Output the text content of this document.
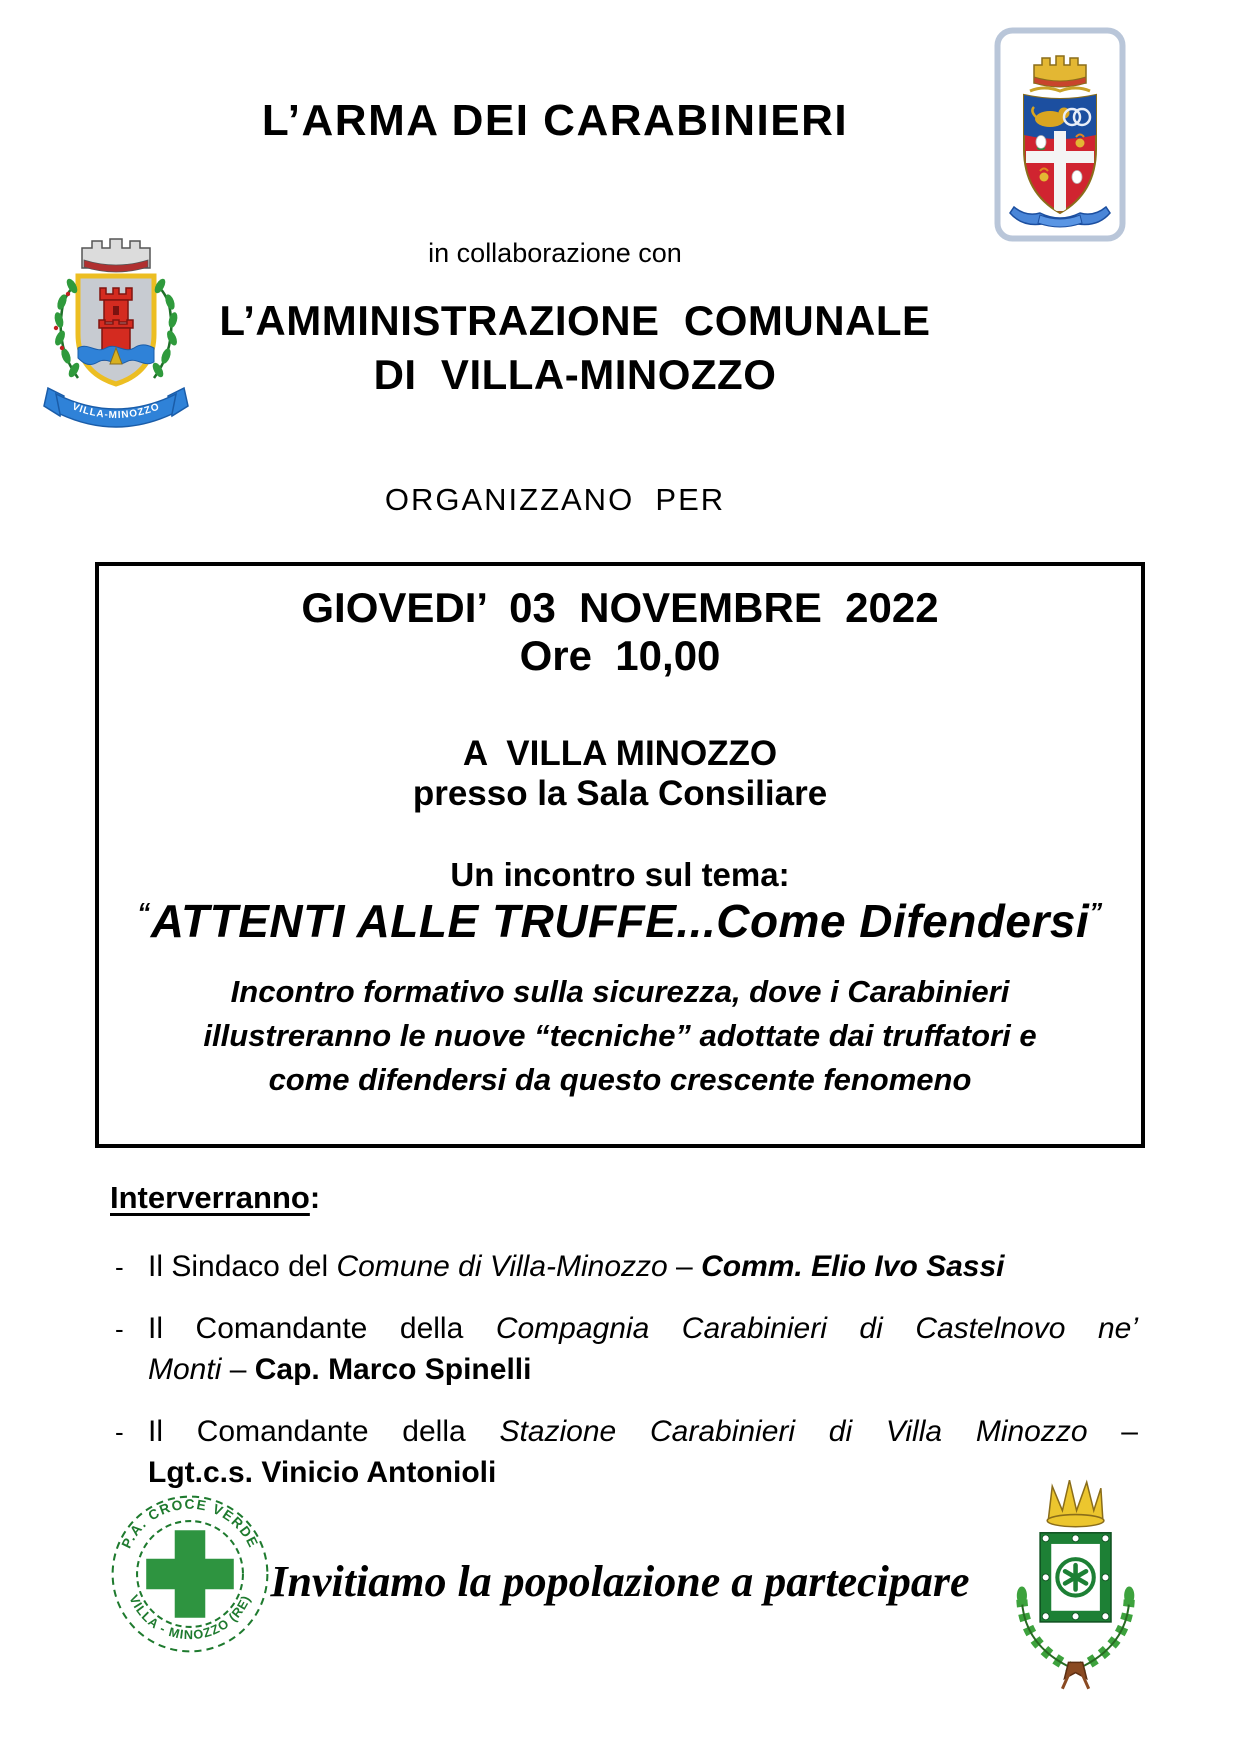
L’ARMA DEI CARABINIERI
in collaborazione con
VILLA-MINOZZO
L’AMMINISTRAZIONE  COMUNALE
DI  VILLA-MINOZZO
ORGANIZZANO  PER
GIOVEDI’  03  NOVEMBRE  2022
Ore  10,00
A  VILLA MINOZZO
presso la Sala Consiliare
Un incontro sul tema:
“ATTENTI ALLE TRUFFE...Come Difendersi”
Incontro formativo sulla sicurezza, dove i Carabinieri
illustreranno le nuove “tecniche” adottate dai truffatori e
come difendersi da questo crescente fenomeno
Interverranno:
- Il Sindaco del Comune di Villa-Minozzo – Comm. Elio Ivo Sassi
- Il Comandante della Compagnia Carabinieri di Castelnovo ne’
Monti – Cap. Marco Spinelli
- Il Comandante della Stazione Carabinieri di Villa Minozzo –
Lgt.c.s. Vinicio Antonioli
P.A. CROCE VERDE
VILLA - MINOZZO (RE) Invitiamo la popolazione a partecipare
